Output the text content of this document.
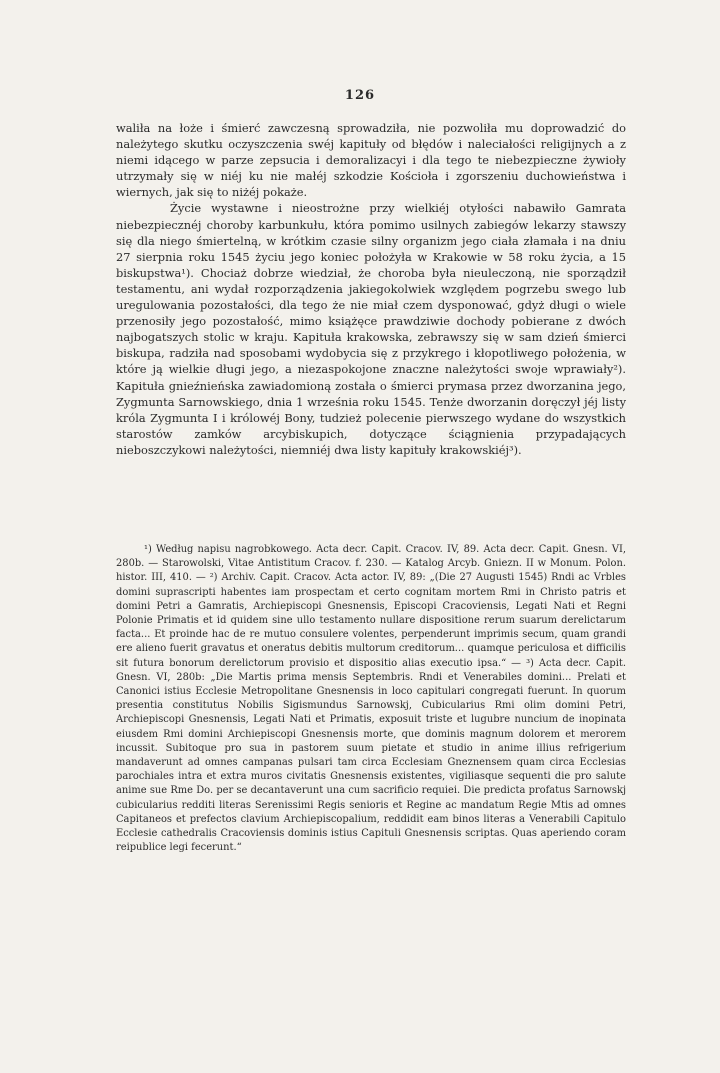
126

waliła na łoże i śmierć zawczesną sprowadziła, nie pozwoliła mu doprowadzić do należytego skutku oczyszczenia swéj kapituły od błędów i naleciałości religijnych a z niemi idącego w parze zepsucia i demoralizacyi i dla tego te niebezpieczne żywioły utrzymały się w niéj ku nie małéj szkodzie Kościoła i zgorszeniu duchowieństwa i wiernych, jak się to niżéj pokaże.

Życie wystawne i nieostrożne przy wielkiéj otyłości nabawiło Gamrata niebezpiecznéj choroby karbunkułu, która pomimo usilnych zabiegów lekarzy stawszy się dla niego śmiertelną, w krótkim czasie silny organizm jego ciała złamała i na dniu 27 sierpnia roku 1545 życiu jego koniec położyła w Krakowie w 58 roku życia, a 15 biskupstwa¹). Chociaż dobrze wiedział, że choroba była nieuleczoną, nie sporządził testamentu, ani wydał rozporządzenia jakiegokolwiek względem pogrzebu swego lub uregulowania pozostałości, dla tego że nie miał czem dysponować, gdyż długi o wiele przenosiły jego pozostałość, mimo książęce prawdziwie dochody pobierane z dwóch najbogatszych stolic w kraju. Kapituła krakowska, zebrawszy się w sam dzień śmierci biskupa, radziła nad sposobami wydobycia się z przykrego i kłopotliwego położenia, w które ją wielkie długi jego, a niezaspokojone znaczne należytości swoje wprawiały²). Kapituła gnieźnieńska zawiadomioną została o śmierci prymasa przez dworzanina jego, Zygmunta Sarnowskiego, dnia 1 września roku 1545. Tenże dworzanin doręczył jéj listy króla Zygmunta I i królowéj Bony, tudzież polecenie pierwszego wydane do wszystkich starostów zamków arcybiskupich, dotyczące ściągnienia przypadających nieboszczykowi należytości, niemniéj dwa listy kapituły krakowskiéj³).

¹) Według napisu nagrobkowego. Acta decr. Capit. Cracov. IV, 89. Acta decr. Capit. Gnesn. VI, 280b. — Starowolski, Vitae Antistitum Cracov. f. 230. — Katalog Arcyb. Gniezn. II w Monum. Polon. histor. III, 410. — ²) Archiv. Capit. Cracov. Acta actor. IV, 89: „(Die 27 Augusti 1545) Rndi ac Vrbles domini suprascripti habentes iam prospectam et certo cognitam mortem Rmi in Christo patris et domini Petri a Gamratis, Archiepiscopi Gnesnensis, Episcopi Cracoviensis, Legati Nati et Regni Polonie Primatis et id quidem sine ullo testamento nullare dispositione rerum suarum derelictarum facta... Et proinde hac de re mutuo consulere volentes, perpenderunt imprimis secum, quam grandi ere alieno fuerit gravatus et oneratus debitis multorum creditorum... quamque periculosa et difficilis sit futura bonorum derelictorum provisio et dispositio alias executio ipsa.“ — ³) Acta decr. Capit. Gnesn. VI, 280b: „Die Martis prima mensis Septembris. Rndi et Venerabiles domini... Prelati et Canonici istius Ecclesie Metropolitane Gnesnensis in loco capitulari congregati fuerunt. In quorum presentia constitutus Nobilis Sigismundus Sarnowskj, Cubicularius Rmi olim domini Petri, Archiepiscopi Gnesnensis, Legati Nati et Primatis, exposuit triste et lugubre nuncium de inopinata eiusdem Rmi domini Archiepiscopi Gnesnensis morte, que dominis magnum dolorem et merorem incussit. Subitoque pro sua in pastorem suum pietate et studio in anime illius refrigerium mandaverunt ad omnes campanas pulsari tam circa Ecclesiam Gneznensem quam circa Ecclesias parochiales intra et extra muros civitatis Gnesnensis existentes, vigiliasque sequenti die pro salute anime sue Rme Do. per se decantaverunt una cum sacrificio requiei. Die predicta profatus Sarnowskj cubicularius redditi literas Serenissimi Regis senioris et Regine ac mandatum Regie Mtis ad omnes Capitaneos et prefectos clavium Archiepiscopalium, reddidit eam binos literas a Venerabili Capitulo Ecclesie cathedralis Cracoviensis dominis istius Capituli Gnesnensis scriptas. Quas aperiendo coram reipublice legi fecerunt.“
